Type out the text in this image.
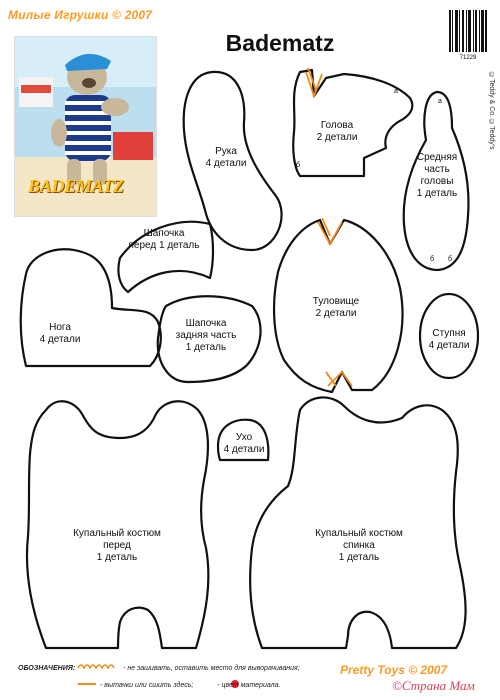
Милые Игрушки © 2007
Badematz
71229
©Teddy & Co. ©Teddy's
BADEMATZ
а
б
а
б б
Рука
4 детали
Голова
2 детали
Средняя
часть
головы
1 деталь
Шапочка
перед 1 деталь
Нога
4 детали
Шапочка
задняя часть
1 деталь
Туловище
2 детали
Ступня
4 детали
Ухо
4 детали
Купальный костюм
перед
1 деталь
Купальный костюм
спинка
1 деталь
ОБОЗНАЧЕНИЯ:	- не зашивать, оставить место для выворачивания;
- вытачки или сшить здесь;	- цвет материала.
Pretty Toys © 2007
©Страна Мам
